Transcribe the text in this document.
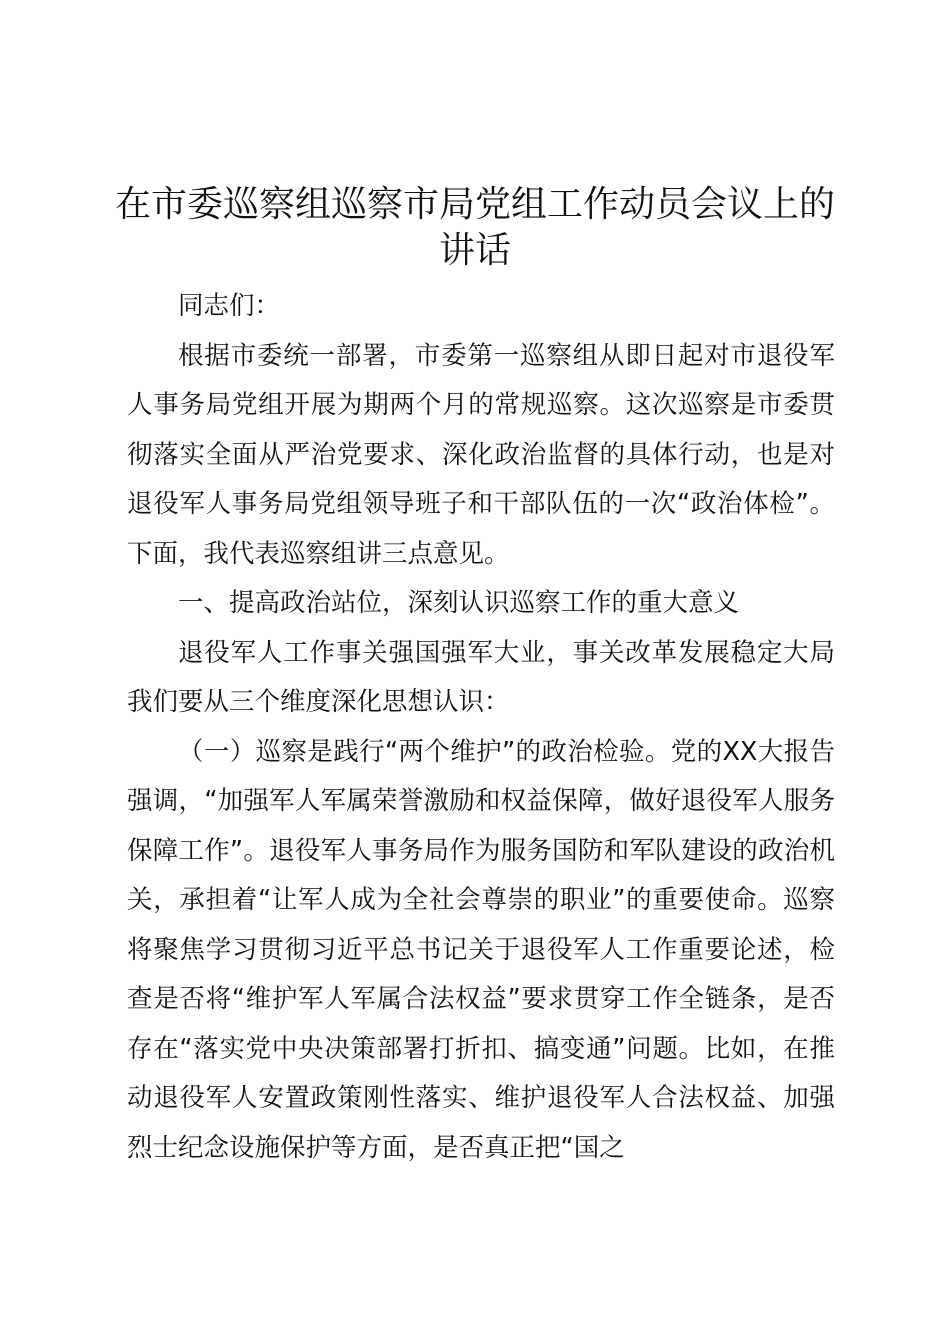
在市委巡察组巡察市局党组工作动员会议上的讲话

同志们：

根据市委统一部署，市委第一巡察组从即日起对市退役军人事务局党组开展为期两个月的常规巡察。这次巡察是市委贯彻落实全面从严治党要求、深化政治监督的具体行动，也是对退役军人事务局党组领导班子和干部队伍的一次“政治体检”。下面，我代表巡察组讲三点意见。

一、提高政治站位，深刻认识巡察工作的重大意义

退役军人工作事关强国强军大业，事关改革发展稳定大局我们要从三个维度深化思想认识：

（一）巡察是践行“两个维护”的政治检验。党的XX大报告强调，“加强军人军属荣誉激励和权益保障，做好退役军人服务保障工作”。退役军人事务局作为服务国防和军队建设的政治机关，承担着“让军人成为全社会尊崇的职业”的重要使命。巡察将聚焦学习贯彻习近平总书记关于退役军人工作重要论述，检查是否将“维护军人军属合法权益”要求贯穿工作全链条，是否存在“落实党中央决策部署打折扣、搞变通”问题。比如，在推动退役军人安置政策刚性落实、维护退役军人合法权益、加强烈士纪念设施保护等方面，是否真正把“国之
